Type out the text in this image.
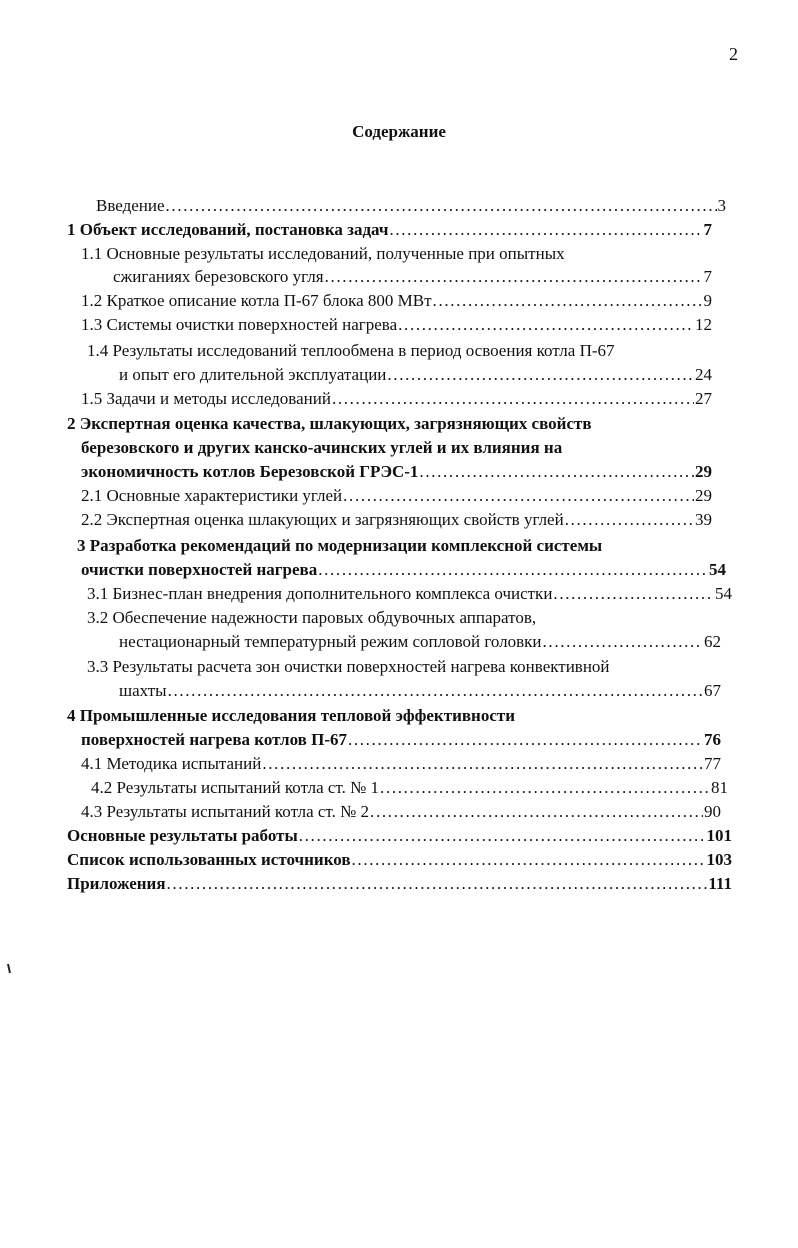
2
Содержание
Введение . . .	3
1 Объект исследований, постановка задач . . .	7
1.1 Основные результаты исследований, полученные при опытных
сжиганиях березовского угля . . .	7
1.2 Краткое описание котла П-67 блока 800 МВт . . .	9
1.3 Системы очистки поверхностей нагрева . . .	12
1.4 Результаты исследований теплообмена в период освоения котла П-67
и опыт его длительной эксплуатации . . .	24
1.5 Задачи и методы исследований . . .	27
2 Экспертная оценка качества, шлакующих, загрязняющих свойств
березовского и других канско-ачинских углей и их влияния на
экономичность котлов Березовской ГРЭС-1 . . .	29
2.1 Основные характеристики углей . . .	29
2.2 Экспертная оценка шлакующих и загрязняющих свойств углей . . .	39
3 Разработка рекомендаций по модернизации комплексной системы
очистки поверхностей нагрева . . .	54
3.1 Бизнес-план внедрения дополнительного комплекса очистки . . .	54
3.2 Обеспечение надежности паровых обдувочных аппаратов,
нестационарный температурный режим сопловой головки . . .	62
3.3 Результаты расчета зон очистки поверхностей нагрева конвективной
шахты . . .	67
4 Промышленные исследования тепловой эффективности
поверхностей нагрева котлов П-67 . . .	76
4.1 Методика испытаний . . .	77
4.2 Результаты испытаний котла ст. № 1 . . .	81
4.3 Результаты испытаний котла ст. № 2 . . .	90
Основные результаты работы . . .	101
Список использованных источников . . .	103
Приложения . . .	111
